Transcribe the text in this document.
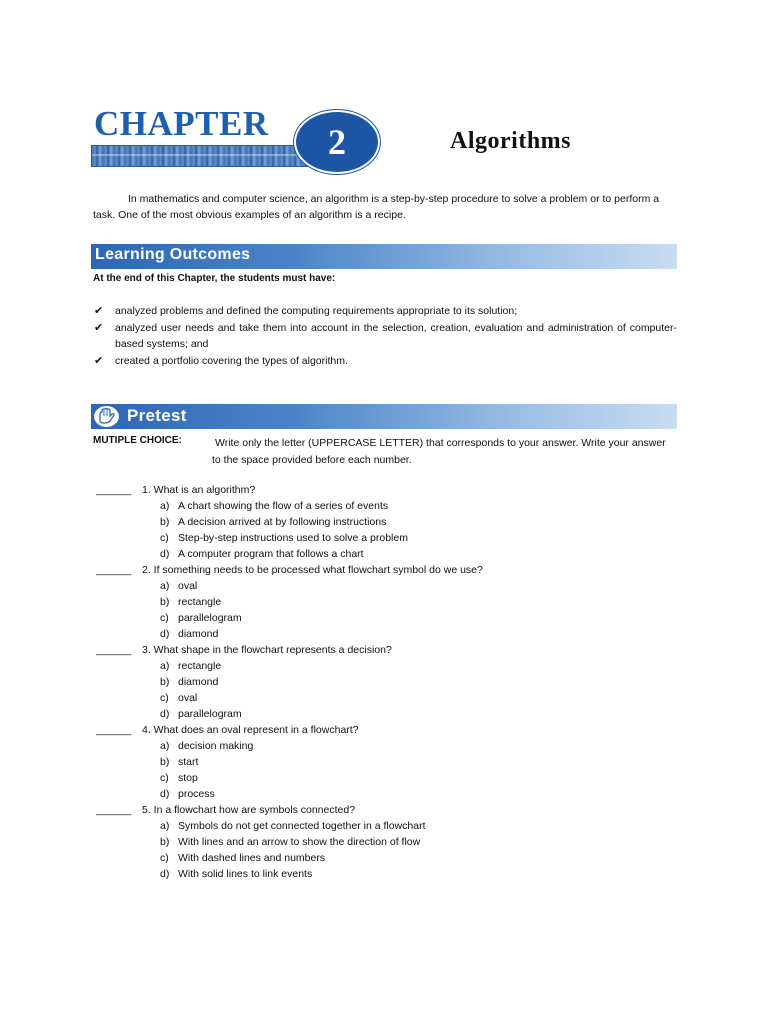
CHAPTER	2	Algorithms

In mathematics and computer science, an algorithm is a step-by-step procedure to solve a problem or to perform a task. One of the most obvious examples of an algorithm is a recipe.

Learning Outcomes
At the end of this Chapter, the students must have:
✔ analyzed problems and defined the computing requirements appropriate to its solution;
✔ analyzed user needs and take them into account in the selection, creation, evaluation and administration of computer-based systems; and
✔ created a portfolio covering the types of algorithm.
Pretest
MUTIPLE CHOICE:	Write only the letter (UPPERCASE LETTER) that corresponds to your answer. Write your answer to the space provided before each number.
______ 1. What is an algorithm?
a) A chart showing the flow of a series of events
b) A decision arrived at by following instructions
c) Step-by-step instructions used to solve a problem
d) A computer program that follows a chart
______ 2. If something needs to be processed what flowchart symbol do we use?
a) oval
b) rectangle
c) parallelogram
d) diamond
______ 3. What shape in the flowchart represents a decision?
a) rectangle
b) diamond
c) oval
d) parallelogram
______ 4. What does an oval represent in a flowchart?
a) decision making
b) start
c) stop
d) process
______ 5. In a flowchart how are symbols connected?
a) Symbols do not get connected together in a flowchart
b) With lines and an arrow to show the direction of flow
c) With dashed lines and numbers
d) With solid lines to link events
